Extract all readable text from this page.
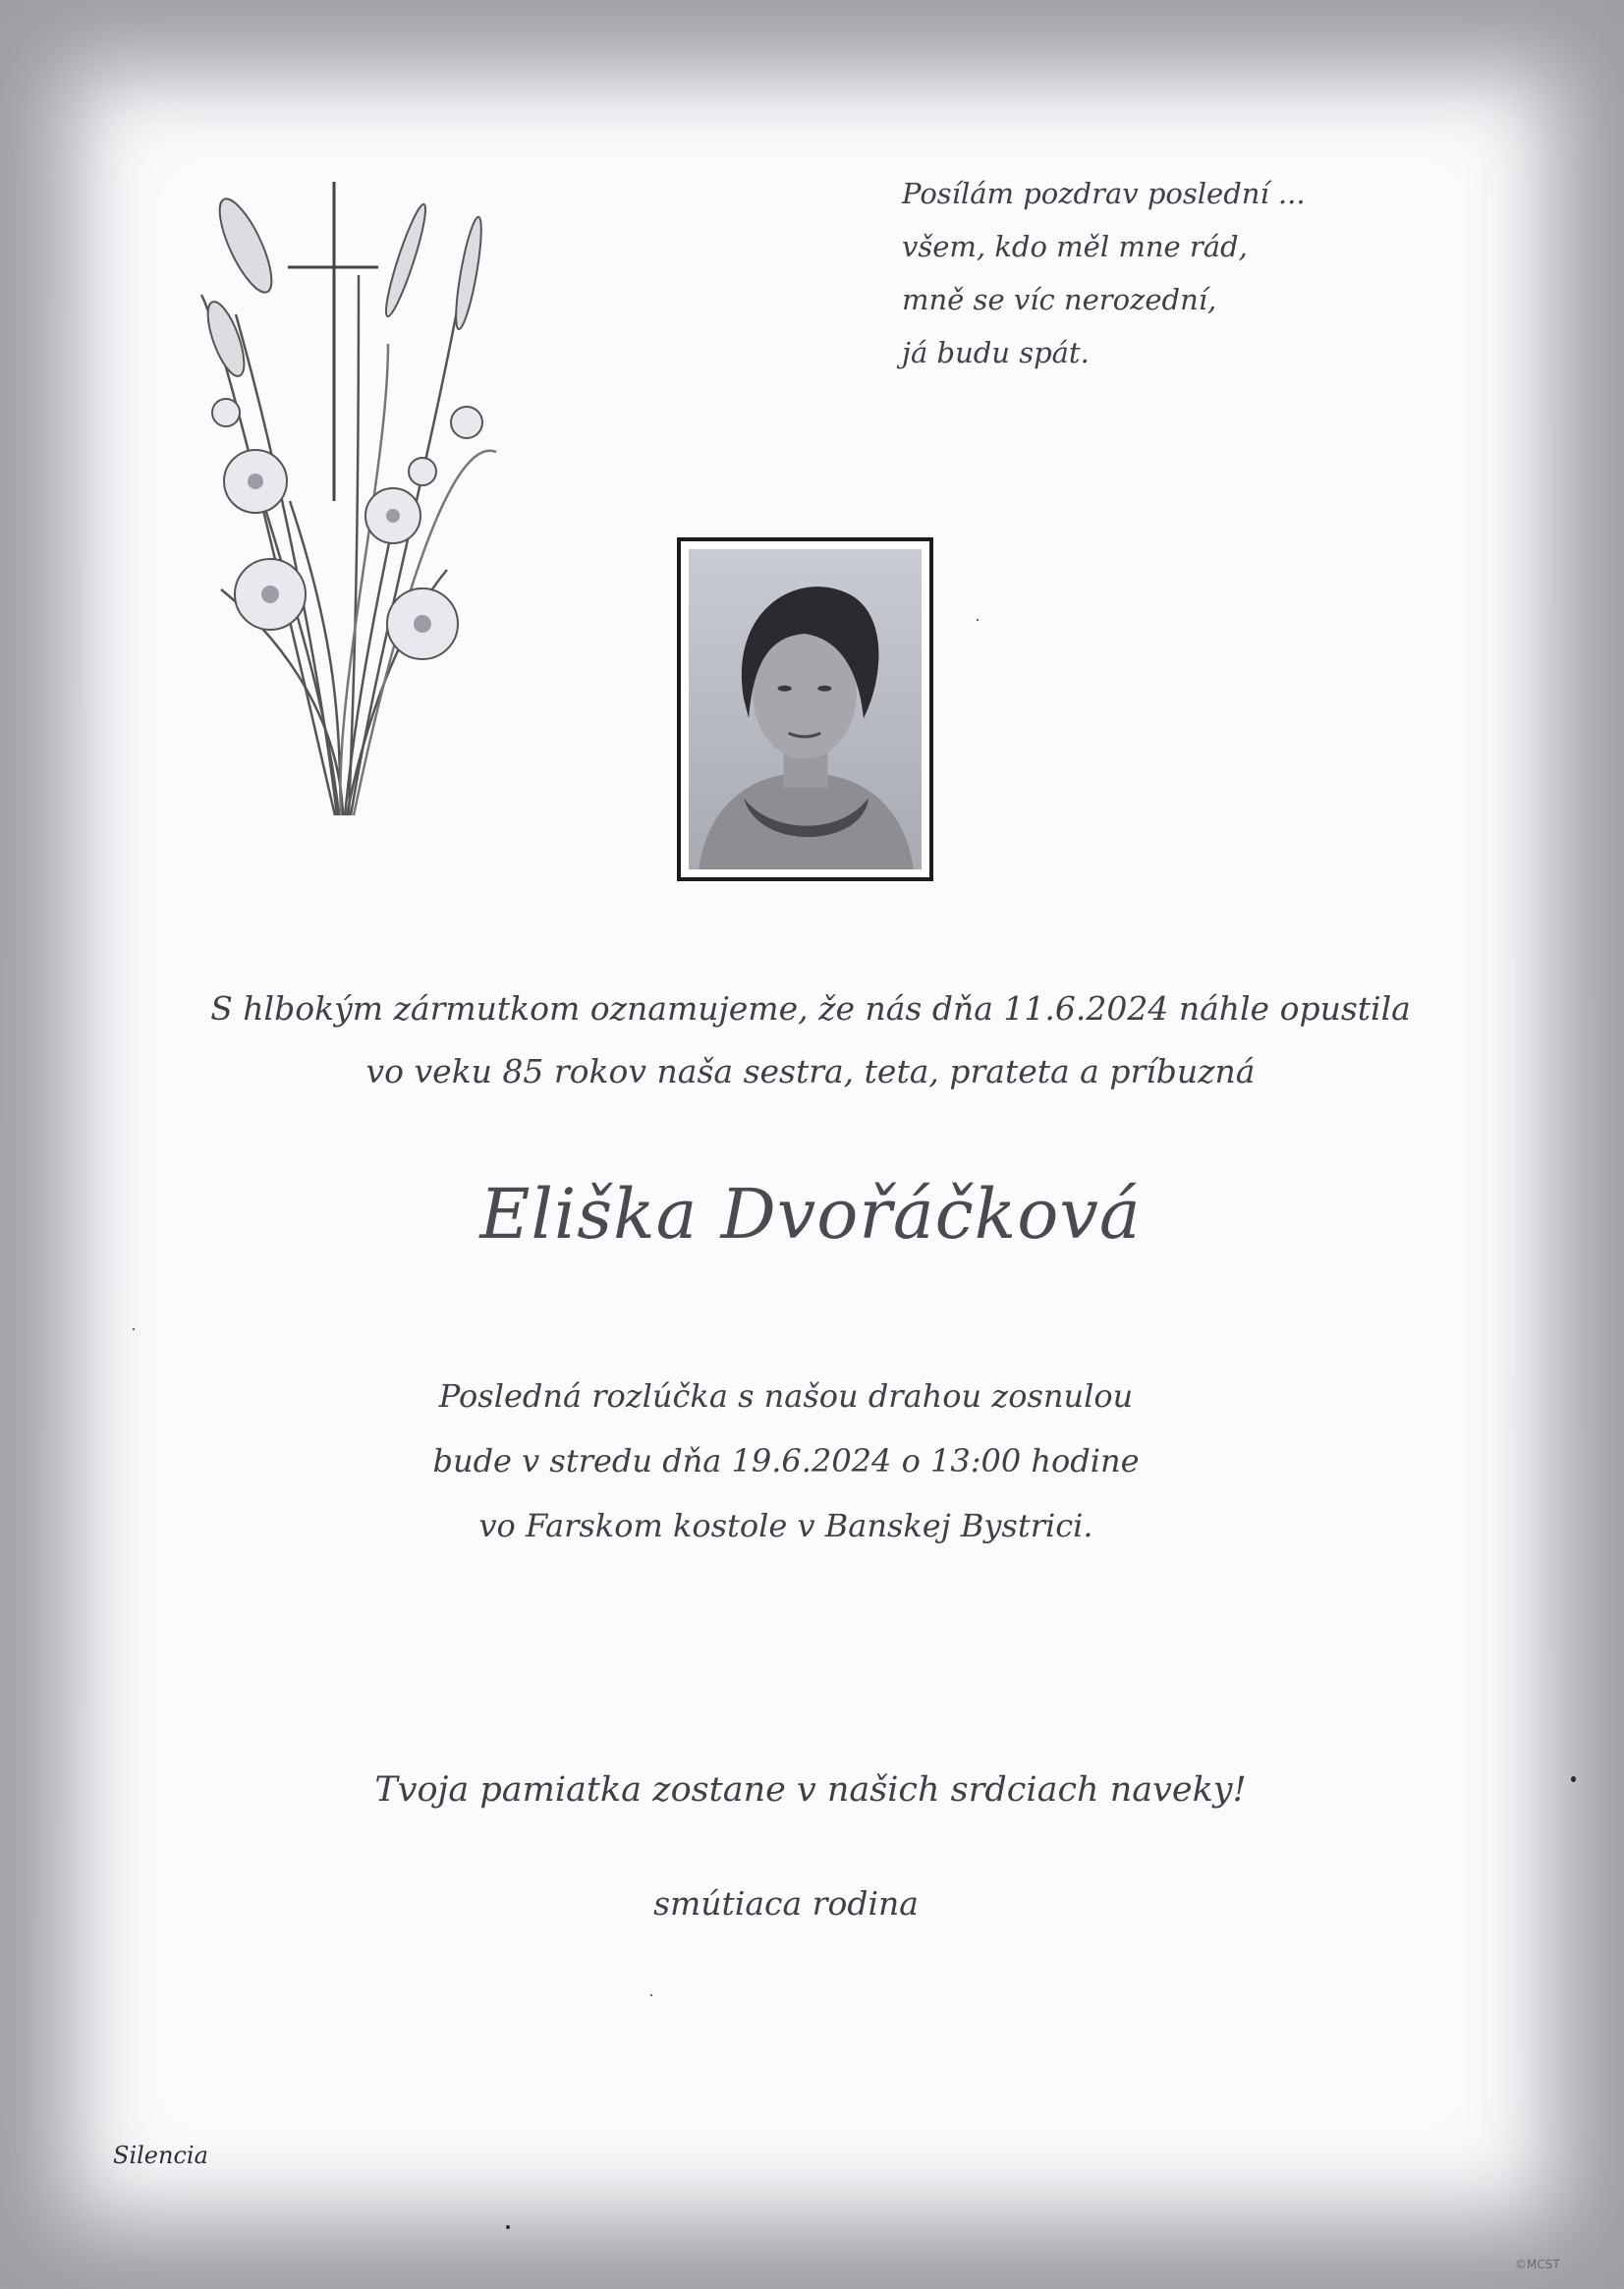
Posílám pozdrav poslední ...
všem, kdo měl mne rád,
mně se víc nerozední,
já budu spát.
S hlbokým zármutkom oznamujeme, že nás dňa 11.6.2024 náhle opustila
vo veku 85 rokov naša sestra, teta, prateta a príbuzná
Eliška Dvořáčková
Posledná rozlúčka s našou drahou zosnulou
bude v stredu dňa 19.6.2024 o 13:00 hodine
vo Farskom kostole v Banskej Bystrici.
Tvoja pamiatka zostane v našich srdciach naveky!
smútiaca rodina
Silencia
©MCST
